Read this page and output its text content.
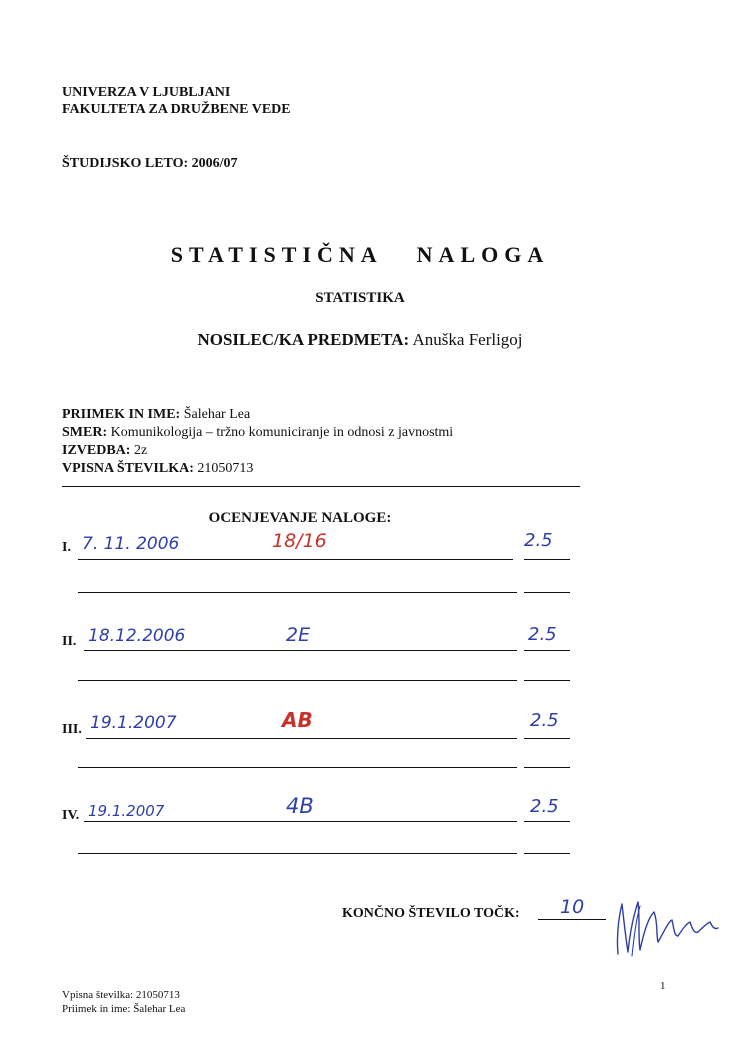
UNIVERZA V LJUBLJANI
FAKULTETA ZA DRUŽBENE VEDE
ŠTUDIJSKO LETO: 2006/07
STATISTIČNA NALOGA
STATISTIKA
NOSILEC/KA PREDMETA: Anuška Ferligoj
PRIIMEK IN IME: Šalehar Lea
SMER: Komunikologija – tržno komuniciranje in odnosi z javnostmi
IZVEDBA: 2z
VPISNA ŠTEVILKA: 21050713
OCENJEVANJE NALOGE:
I. 7. 11. 2006	18/16	2.5
II. 18.12.2006	2E	2.5
III. 19.1.2007	AB	2.5
IV. 19.1.2007	4B	2.5
KONČNO ŠTEVILO TOČK: 10
Vpisna številka: 21050713
Priimek in ime: Šalehar Lea
1
